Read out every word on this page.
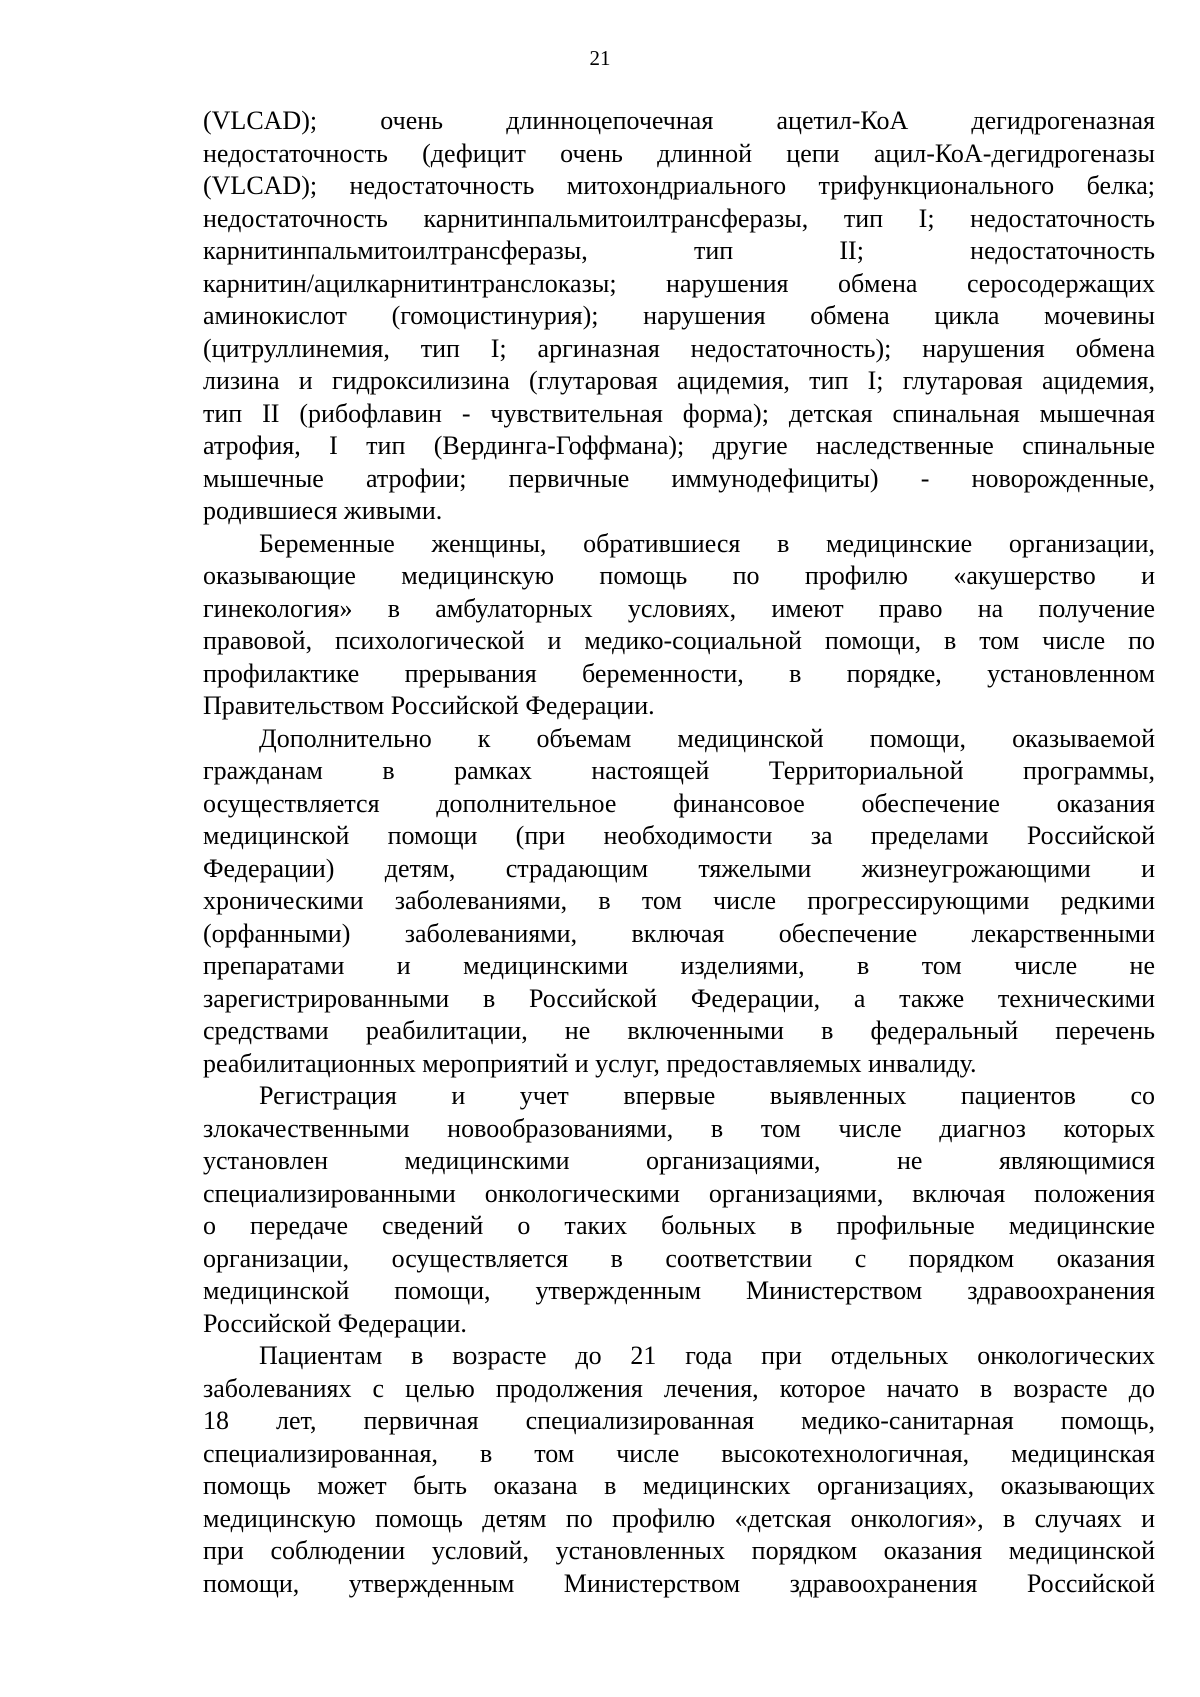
21
(VLCAD); очень длинноцепочечная ацетил-КоА дегидрогеназная
недостаточность (дефицит очень длинной цепи ацил-КоА-дегидрогеназы
(VLCAD); недостаточность митохондриального трифункционального белка;
недостаточность карнитинпальмитоилтрансферазы, тип I; недостаточность
карнитинпальмитоилтрансферазы, тип II; недостаточность
карнитин/ацилкарнитинтранслоказы; нарушения обмена серосодержащих
аминокислот (гомоцистинурия); нарушения обмена цикла мочевины
(цитруллинемия, тип I; аргиназная недостаточность); нарушения обмена
лизина и гидроксилизина (глутаровая ацидемия, тип I; глутаровая ацидемия,
тип II (рибофлавин - чувствительная форма); детская спинальная мышечная
атрофия, I тип (Вердинга-Гоффмана); другие наследственные спинальные
мышечные атрофии; первичные иммунодефициты) - новорожденные,
родившиеся живыми.
Беременные женщины, обратившиеся в медицинские организации,
оказывающие медицинскую помощь по профилю «акушерство и
гинекология» в амбулаторных условиях, имеют право на получение
правовой, психологической и медико-социальной помощи, в том числе по
профилактике прерывания беременности, в порядке, установленном
Правительством Российской Федерации.
Дополнительно к объемам медицинской помощи, оказываемой
гражданам в рамках настоящей Территориальной программы,
осуществляется дополнительное финансовое обеспечение оказания
медицинской помощи (при необходимости за пределами Российской
Федерации) детям, страдающим тяжелыми жизнеугрожающими и
хроническими заболеваниями, в том числе прогрессирующими редкими
(орфанными) заболеваниями, включая обеспечение лекарственными
препаратами и медицинскими изделиями, в том числе не
зарегистрированными в Российской Федерации, а также техническими
средствами реабилитации, не включенными в федеральный перечень
реабилитационных мероприятий и услуг, предоставляемых инвалиду.
Регистрация и учет впервые выявленных пациентов со
злокачественными новообразованиями, в том числе диагноз которых
установлен медицинскими организациями, не являющимися
специализированными онкологическими организациями, включая положения
о передаче сведений о таких больных в профильные медицинские
организации, осуществляется в соответствии с порядком оказания
медицинской помощи, утвержденным Министерством здравоохранения
Российской Федерации.
Пациентам в возрасте до 21 года при отдельных онкологических
заболеваниях с целью продолжения лечения, которое начато в возрасте до
18 лет, первичная специализированная медико-санитарная помощь,
специализированная, в том числе высокотехнологичная, медицинская
помощь может быть оказана в медицинских организациях, оказывающих
медицинскую помощь детям по профилю «детская онкология», в случаях и
при соблюдении условий, установленных порядком оказания медицинской
помощи, утвержденным Министерством здравоохранения Российской
